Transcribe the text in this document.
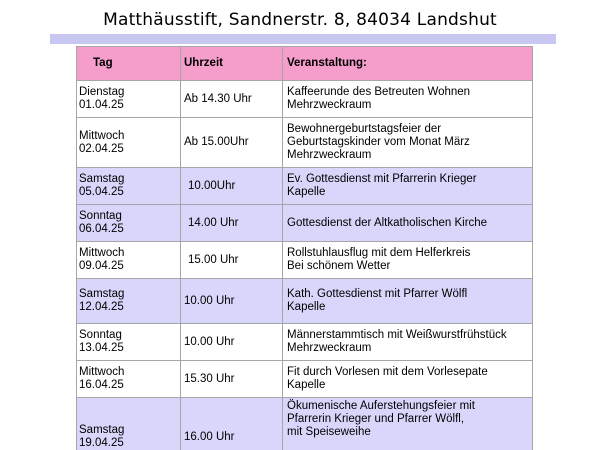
Matthäusstift, Sandnerstr. 8, 84034 Landshut
Tag	Uhrzeit	Veranstaltung:

Dienstag
01.04.25	Ab 14.30 Uhr	Kaffeerunde des Betreuten Wohnen
Mehrzweckraum

Mittwoch
02.04.25	Ab 15.00Uhr	Bewohnergeburtstagsfeier der
Geburtstagskinder vom Monat März
Mehrzweckraum

Samstag
05.04.25	10.00Uhr	Ev. Gottesdienst mit Pfarrerin Krieger
Kapelle

Sonntag
06.04.25	14.00 Uhr	Gottesdienst der Altkatholischen Kirche

Mittwoch
09.04.25	15.00 Uhr	Rollstuhlausflug mit dem Helferkreis
Bei schönem Wetter

Samstag
12.04.25	10.00 Uhr	Kath. Gottesdienst mit Pfarrer Wölfl
Kapelle

Sonntag
13.04.25	10.00 Uhr	Männerstammtisch mit Weißwurstfrühstück
Mehrzweckraum

Mittwoch
16.04.25	15.30 Uhr	Fit durch Vorlesen mit dem Vorlesepate
Kapelle

Samstag
19.04.25	16.00 Uhr	Ökumenische Auferstehungsfeier mit
Pfarrerin Krieger und Pfarrer Wölfl,
mit Speiseweihe
